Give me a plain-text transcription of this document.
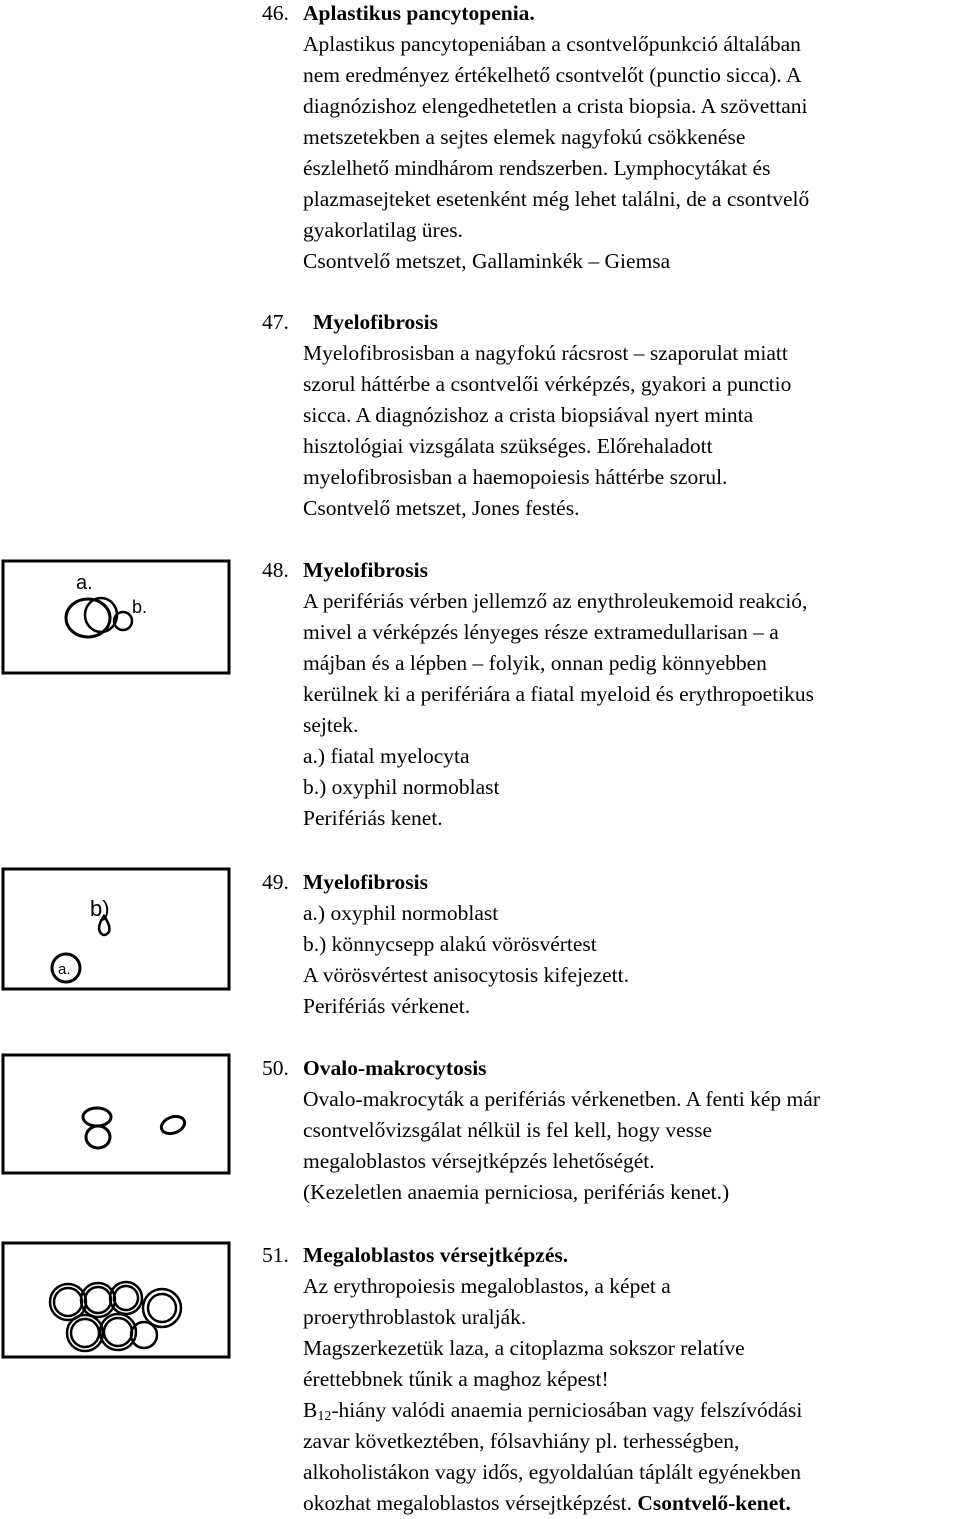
46. Aplastikus pancytopenia.
Aplastikus pancytopeniában a csontvelőpunkció általában
nem eredményez értékelhető csontvelőt (punctio sicca). A
diagnózishoz elengedhetetlen a crista biopsia. A szövettani
metszetekben a sejtes elemek nagyfokú csökkenése
észlelhető mindhárom rendszerben. Lymphocytákat és
plazmasejteket esetenként még lehet találni, de a csontvelő
gyakorlatilag üres.
Csontvelő metszet, Gallaminkék – Giemsa
47. Myelofibrosis
Myelofibrosisban a nagyfokú rácsrost – szaporulat miatt
szorul háttérbe a csontvelői vérképzés, gyakori a punctio
sicca. A diagnózishoz a crista biopsiával nyert minta
hisztológiai vizsgálata szükséges. Előrehaladott
myelofibrosisban a haemopoiesis háttérbe szorul.
Csontvelő metszet, Jones festés.
a.
b.
48. Myelofibrosis
A perifériás vérben jellemző az enythroleukemoid reakció,
mivel a vérképzés lényeges része extramedullarisan – a
májban és a lépben – folyik, onnan pedig könnyebben
kerülnek ki a perifériára a fiatal myeloid és erythropoetikus
sejtek.
a.) fiatal myelocyta
b.) oxyphil normoblast
Perifériás kenet.
b)
a.
49. Myelofibrosis
a.) oxyphil normoblast
b.) könnycsepp alakú vörösvértest
A vörösvértest anisocytosis kifejezett.
Perifériás vérkenet.
50. Ovalo-makrocytosis
Ovalo-makrocyták a perifériás vérkenetben. A fenti kép már
csontvelővizsgálat nélkül is fel kell, hogy vesse
megaloblastos vérsejtképzés lehetőségét.
(Kezeletlen anaemia perniciosa, perifériás kenet.)
51. Megaloblastos vérsejtképzés.
Az erythropoiesis megaloblastos, a képet a
proerythroblastok uralják.
Magszerkezetük laza, a citoplazma sokszor relatíve
érettebbnek tűnik a maghoz képest!
$B_{12}$-hiány valódi anaemia perniciosában vagy felszívódási
zavar következtében, fólsavhiány pl. terhességben,
alkoholistákon vagy idős, egyoldalúan táplált egyénekben
okozhat megaloblastos vérsejtképzést. Csontvelő-kenet.
